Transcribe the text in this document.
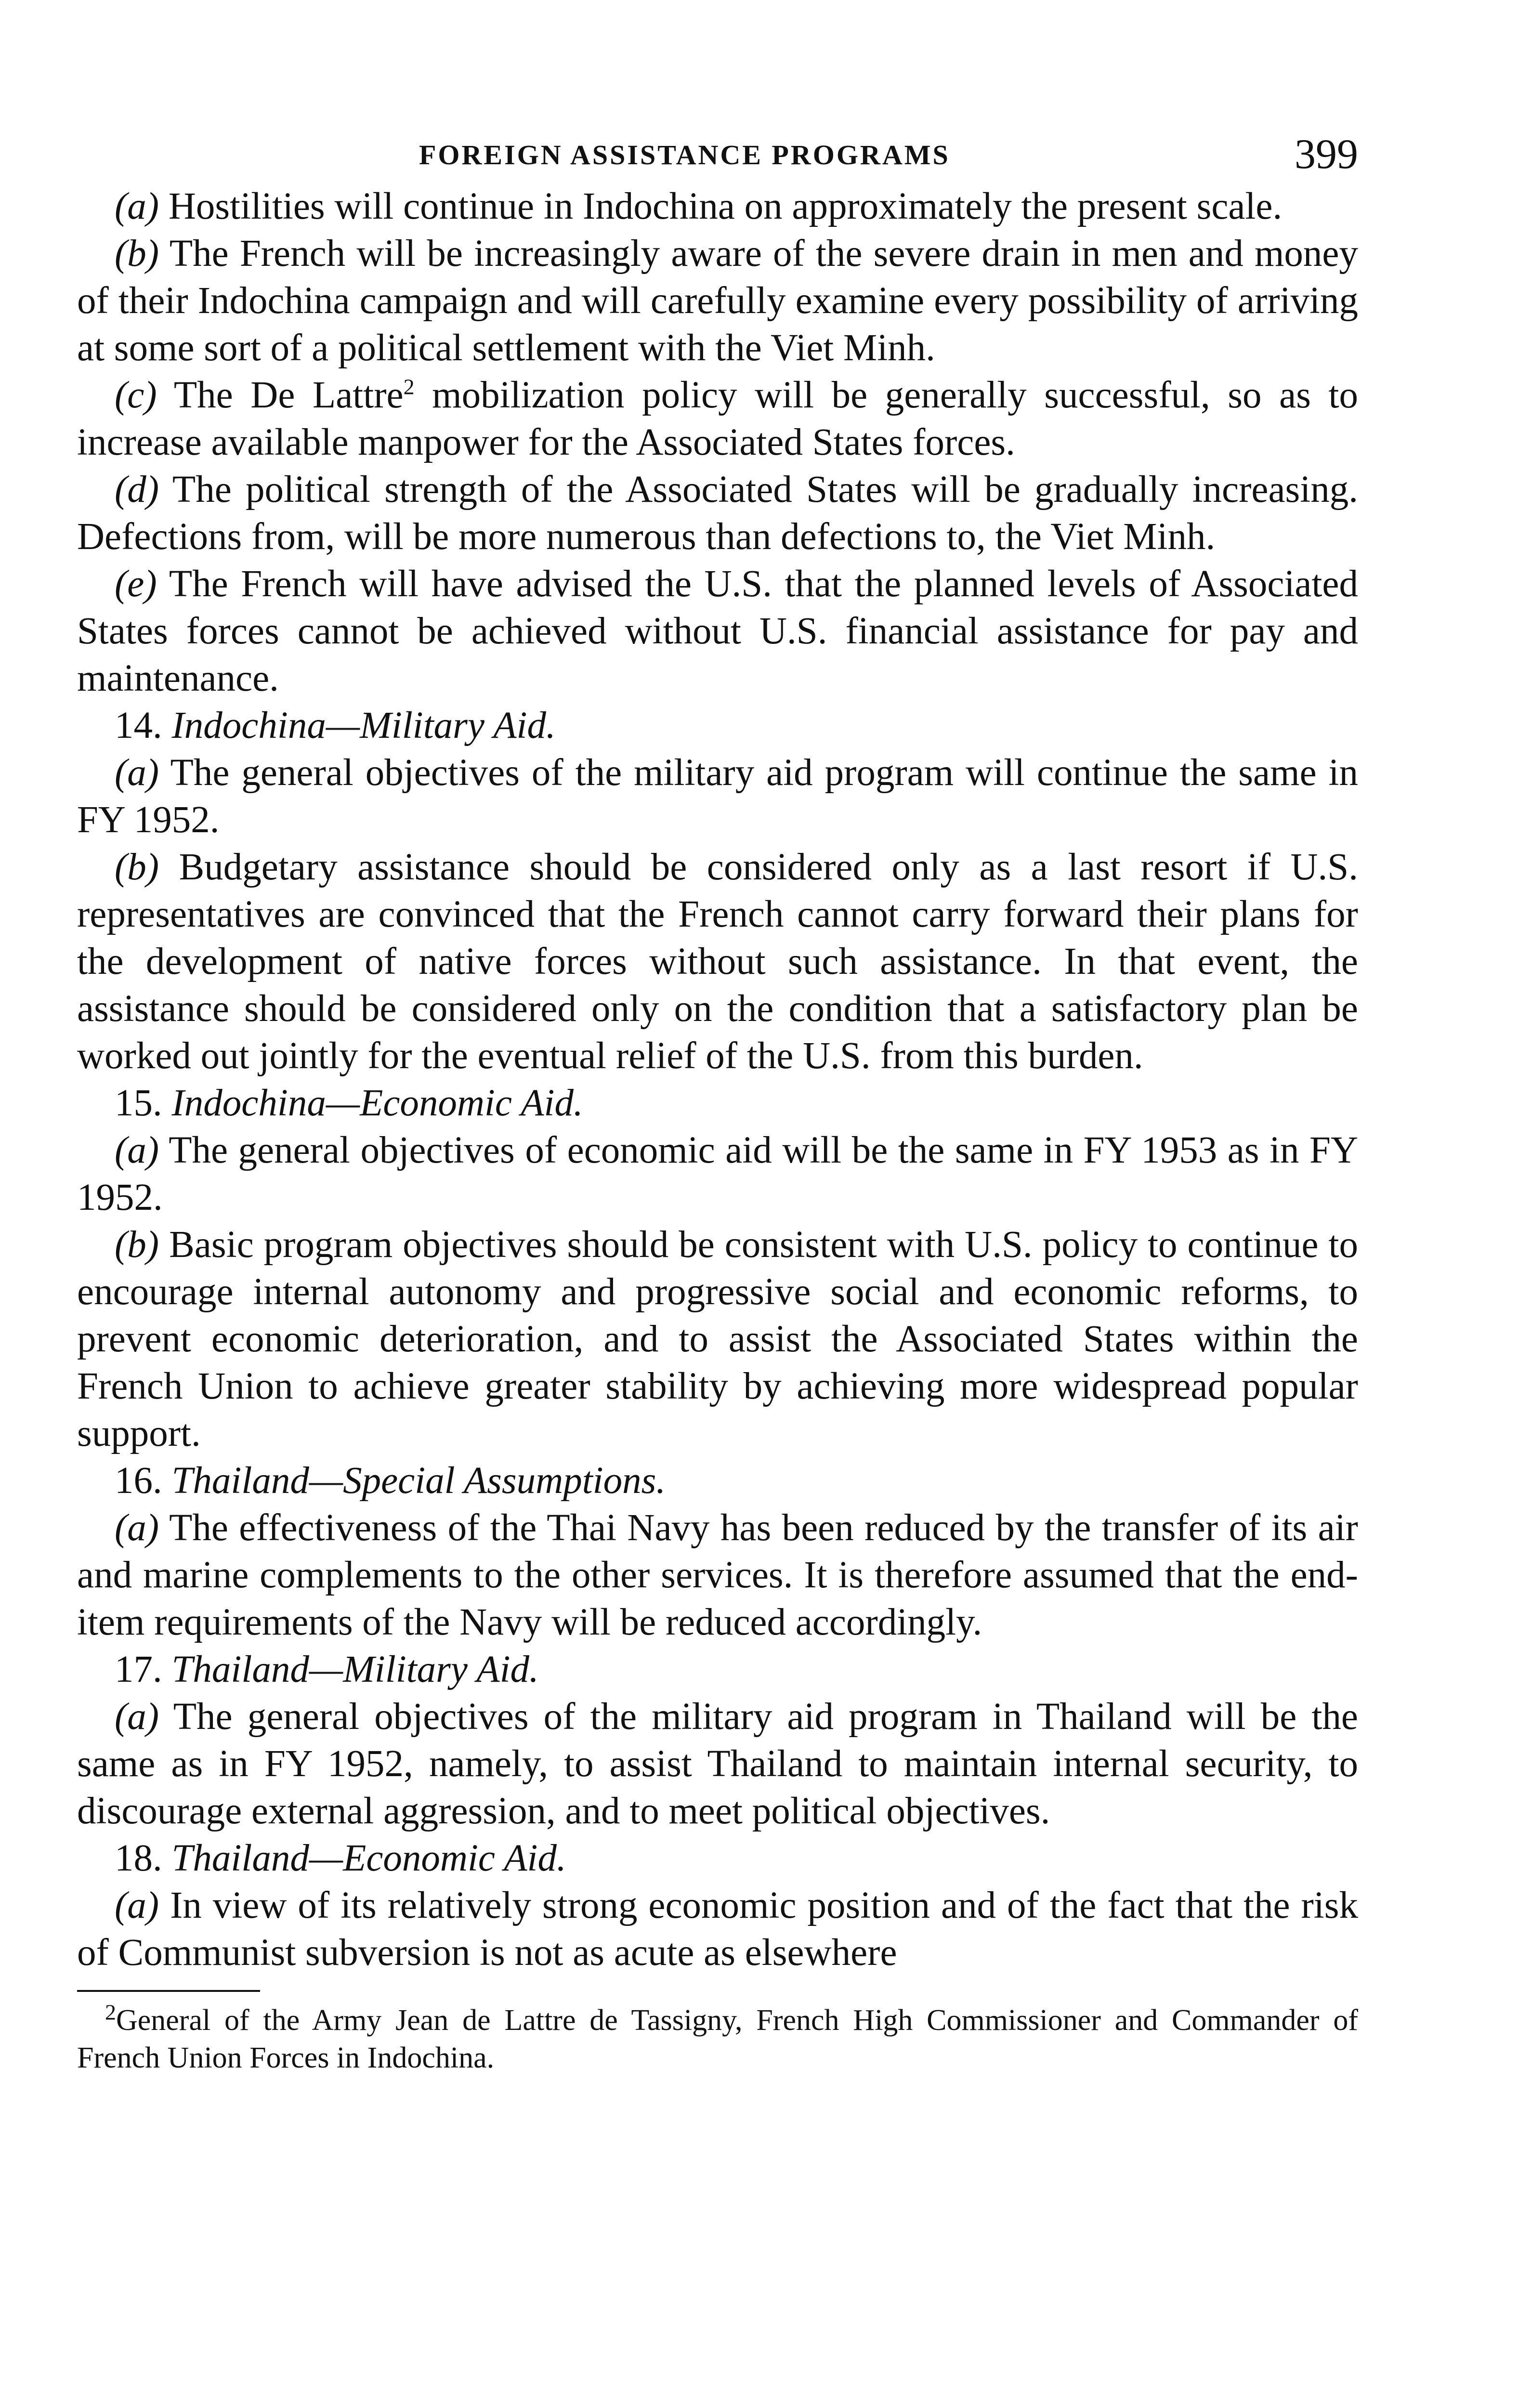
FOREIGN ASSISTANCE PROGRAMS	399

(a) Hostilities will continue in Indochina on approximately the present scale.

(b) The French will be increasingly aware of the severe drain in men and money of their Indochina campaign and will carefully examine every possibility of arriving at some sort of a political settlement with the Viet Minh.

(c) The De Lattre$^2$ mobilization policy will be generally successful, so as to increase available manpower for the Associated States forces.

(d) The political strength of the Associated States will be gradually increasing. Defections from, will be more numerous than defections to, the Viet Minh.

(e) The French will have advised the U.S. that the planned levels of Associated States forces cannot be achieved without U.S. financial assistance for pay and maintenance.

14. Indochina—Military Aid.

(a) The general objectives of the military aid program will continue the same in FY 1952.

(b) Budgetary assistance should be considered only as a last resort if U.S. representatives are convinced that the French cannot carry forward their plans for the development of native forces without such assistance. In that event, the assistance should be considered only on the condition that a satisfactory plan be worked out jointly for the eventual relief of the U.S. from this burden.

15. Indochina—Economic Aid.

(a) The general objectives of economic aid will be the same in FY 1953 as in FY 1952.

(b) Basic program objectives should be consistent with U.S. policy to continue to encourage internal autonomy and progressive social and economic reforms, to prevent economic deterioration, and to assist the Associated States within the French Union to achieve greater stability by achieving more widespread popular support.

16. Thailand—Special Assumptions.

(a) The effectiveness of the Thai Navy has been reduced by the transfer of its air and marine complements to the other services. It is therefore assumed that the end-item requirements of the Navy will be reduced accordingly.

17. Thailand—Military Aid.

(a) The general objectives of the military aid program in Thailand will be the same as in FY 1952, namely, to assist Thailand to maintain internal security, to discourage external aggression, and to meet political objectives.

18. Thailand—Economic Aid.

(a) In view of its relatively strong economic position and of the fact that the risk of Communist subversion is not as acute as elsewhere

$^2$General of the Army Jean de Lattre de Tassigny, French High Commissioner and Commander of French Union Forces in Indochina.
